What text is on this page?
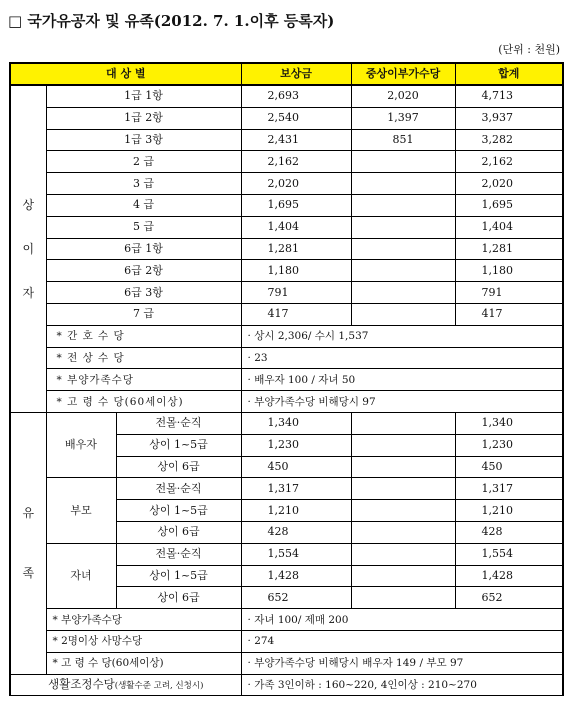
□ 국가유공자 및 유족(2012. 7. 1.이후 등록자)
(단위 : 천원)
대 상 별			보상금	중상이부가수당	합계

상
이
자	1급 1항		2,693	2,020	4,713
	1급 2항		2,540	1,397	3,937
	1급 3항		2,431	851	3,282
	2 급		2,162		2,162
	3 급		2,020		2,020
	4 급		1,695		1,695
	5 급		1,404		1,404
	6급 1항		1,281		1,281
	6급 2항		1,180		1,180
	6급 3항		791		791
	7 급		417		417
	* 간 호 수 당		· 상시 2,306/ 수시 1,537		
	* 전 상 수 당		· 23		
	* 부양가족수당		· 배우자 100 / 자녀 50		
	* 고 령 수 당(60세이상)		· 부양가족수당 비해당시 97		

유
족	배우자	전몰·순직	1,340		1,340
		상이 1~5급	1,230		1,230
		상이 6급	450		450
	부모	전몰·순직	1,317		1,317
		상이 1~5급	1,210		1,210
		상이 6급	428		428
	자녀	전몰·순직	1,554		1,554
		상이 1~5급	1,428		1,428
		상이 6급	652		652
	* 부양가족수당		· 자녀 100/ 제매 200		
	* 2명이상 사망수당		· 274		
	* 고 령 수 당(60세이상)		· 부양가족수당 비해당시 배우자 149 / 부모 97		
생활조정수당(생활수준 고려, 신청시)			· 가족 3인이하 : 160~220, 4인이상 : 210~270		
